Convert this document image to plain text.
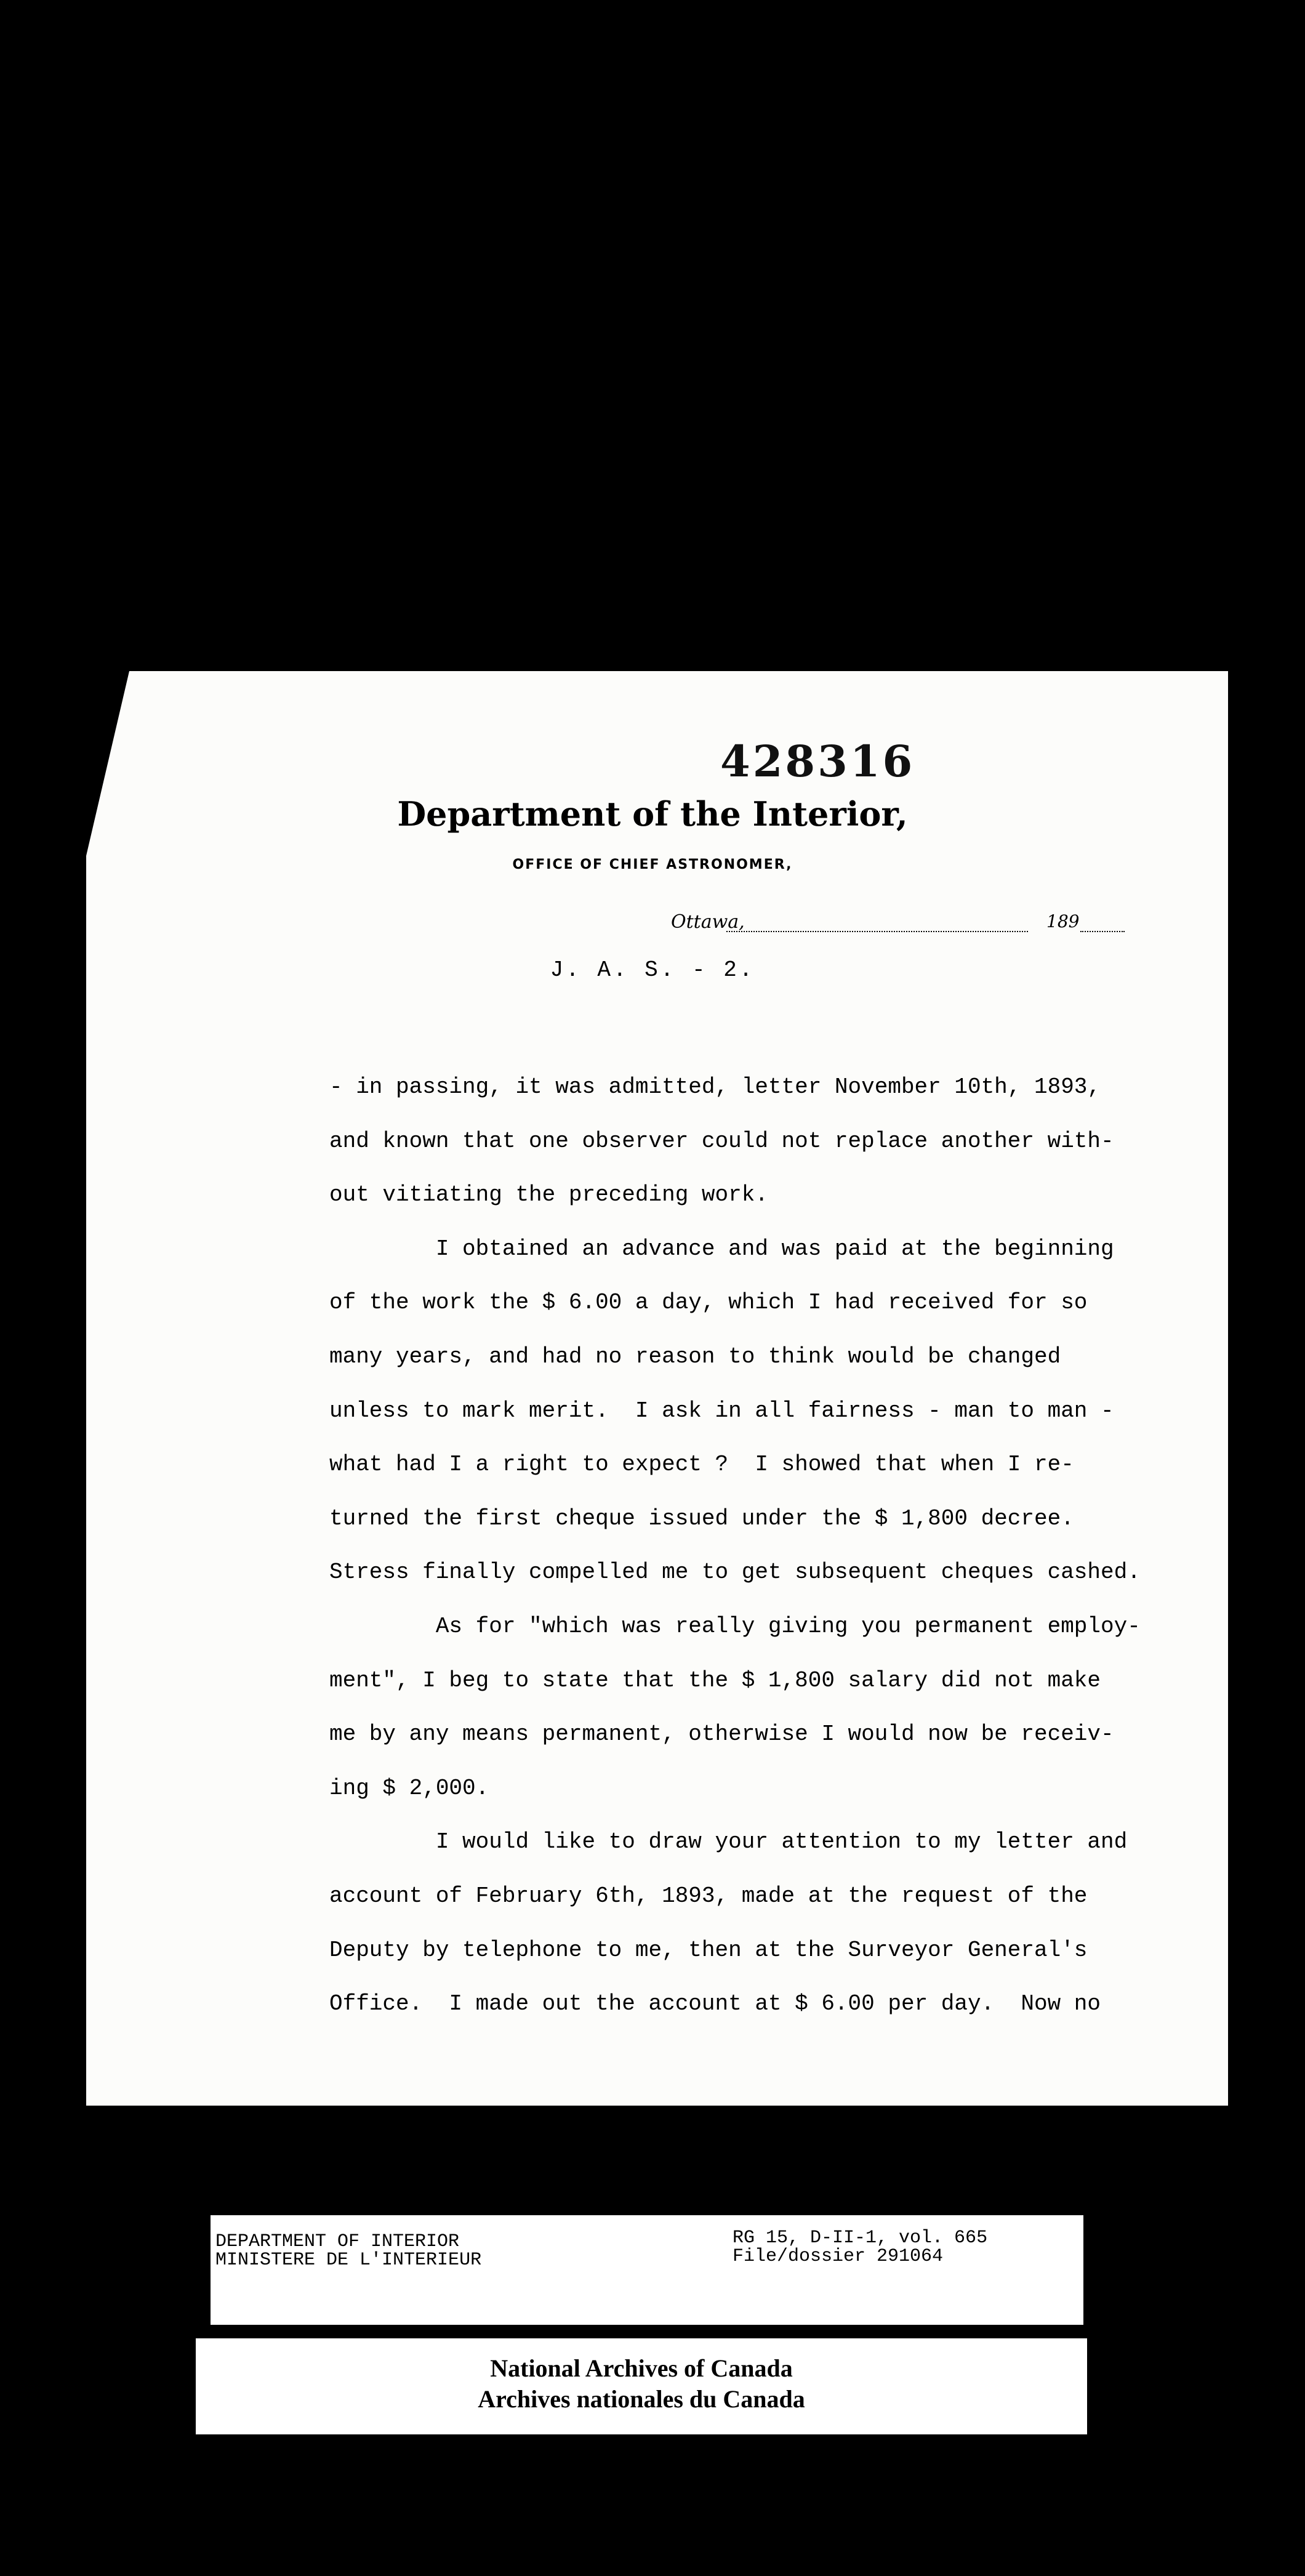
428316
Department of the Interior,
OFFICE OF CHIEF ASTRONOMER,
Ottawa,	189
J. A. S. - 2.
- in passing, it was admitted, letter November 10th, 1893,
and known that one observer could not replace another with-
out vitiating the preceding work.
I obtained an advance and was paid at the beginning
of the work the $ 6.00 a day, which I had received for so
many years, and had no reason to think would be changed
unless to mark merit.  I ask in all fairness - man to man -
what had I a right to expect ?  I showed that when I re-
turned the first cheque issued under the $ 1,800 decree.
Stress finally compelled me to get subsequent cheques cashed.
As for "which was really giving you permanent employ-
ment", I beg to state that the $ 1,800 salary did not make
me by any means permanent, otherwise I would now be receiv-
ing $ 2,000.
I would like to draw your attention to my letter and
account of February 6th, 1893, made at the request of the
Deputy by telephone to me, then at the Surveyor General's
Office.  I made out the account at $ 6.00 per day.  Now no
DEPARTMENT OF INTERIOR
MINISTERE DE L'INTERIEUR
RG 15, D-II-1, vol. 665
File/dossier 291064
National Archives of Canada
Archives nationales du Canada
